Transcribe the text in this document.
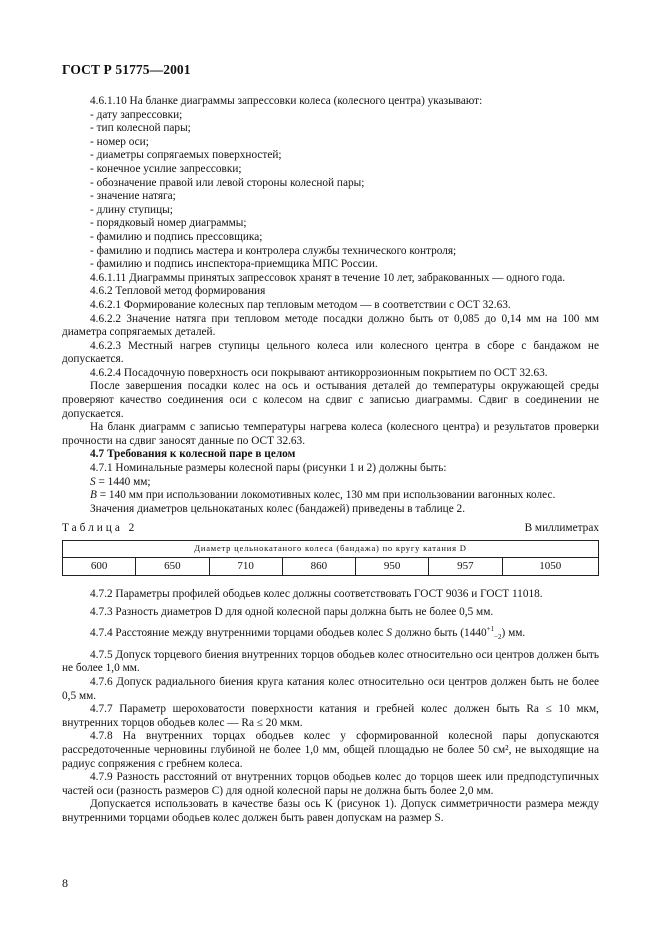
ГОСТ Р 51775—2001

4.6.1.10 На бланке диаграммы запрессовки колеса (колесного центра) указывают:

- дату запрессовки;

- тип колесной пары;

- номер оси;

- диаметры сопрягаемых поверхностей;

- конечное усилие запрессовки;

- обозначение правой или левой стороны колесной пары;

- значение натяга;

- длину ступицы;

- порядковый номер диаграммы;

- фамилию и подпись прессовщика;

- фамилию и подпись мастера и контролера службы технического контроля;

- фамилию и подпись инспектора-приемщика МПС России.

4.6.1.11 Диаграммы принятых запрессовок хранят в течение 10 лет, забракованных — одного года.

4.6.2 Тепловой метод формирования

4.6.2.1 Формирование колесных пар тепловым методом — в соответствии с ОСТ 32.63.

4.6.2.2 Значение натяга при тепловом методе посадки должно быть от 0,085 до 0,14 мм на 100 мм диаметра сопрягаемых деталей.

4.6.2.3 Местный нагрев ступицы цельного колеса или колесного центра в сборе с бандажом не допускается.

4.6.2.4 Посадочную поверхность оси покрывают антикоррозионным покрытием по ОСТ 32.63.

После завершения посадки колес на ось и остывания деталей до температуры окружающей среды проверяют качество соединения оси с колесом на сдвиг с записью диаграммы. Сдвиг в соединении не допускается.

На бланк диаграмм с записью температуры нагрева колеса (колесного центра) и результатов проверки прочности на сдвиг заносят данные по ОСТ 32.63.

4.7 Требования к колесной паре в целом

4.7.1 Номинальные размеры колесной пары (рисунки 1 и 2) должны быть:

S = 1440 мм;

B = 140 мм при использовании локомотивных колес, 130 мм при использовании вагонных колес.

Значения диаметров цельнокатаных колес (бандажей) приведены в таблице 2.

Таблица 2	В миллиметрах
Диаметр цельнокатаного колеса (бандажа) по кругу катания D
600	650	710	860	950	957	1050

4.7.2 Параметры профилей ободьев колес должны соответствовать ГОСТ 9036 и ГОСТ 11018.

4.7.3 Разность диаметров D для одной колесной пары должна быть не более 0,5 мм.

4.7.4 Расстояние между внутренними торцами ободьев колес S должно быть $(1440^{+1}_{-2})$ мм.

4.7.5 Допуск торцевого биения внутренних торцов ободьев колес относительно оси центров должен быть не более 1,0 мм.

4.7.6 Допуск радиального биения круга катания колес относительно оси центров должен быть не более 0,5 мм.

4.7.7 Параметр шероховатости поверхности катания и гребней колес должен быть Ra ≤ 10 мкм, внутренних торцов ободьев колес — Ra ≤ 20 мкм.

4.7.8 На внутренних торцах ободьев колес у сформированной колесной пары допускаются рассредоточенные черновины глубиной не более 1,0 мм, общей площадью не более 50 см², не выходящие на радиус сопряжения с гребнем колеса.

4.7.9 Разность расстояний от внутренних торцов ободьев колес до торцов шеек или предподступичных частей оси (разность размеров C) для одной колесной пары не должна быть более 2,0 мм.

Допускается использовать в качестве базы ось K (рисунок 1). Допуск симметричности размера между внутренними торцами ободьев колес должен быть равен допускам на размер S.

8
